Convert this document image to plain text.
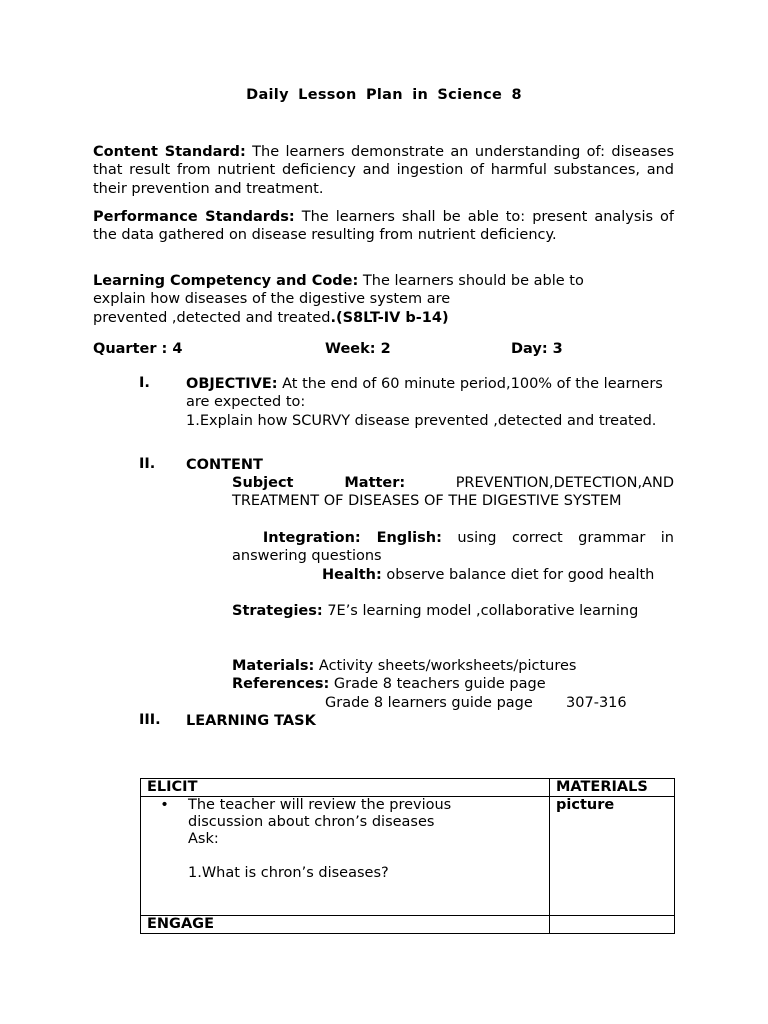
Daily Lesson Plan in Science 8
Content Standard: The learners demonstrate an understanding of: diseases that result from nutrient deficiency and ingestion of harmful substances, and their prevention and treatment.
Performance Standards: The learners shall be able to: present analysis of the data gathered on disease resulting from nutrient deficiency.
Learning Competency and Code: The learners should be able to
explain how diseases of the digestive system are
prevented ,detected and treated.(S8LT-IV b-14)
Quarter : 4	Week: 2	Day: 3
I. OBJECTIVE: At the end of 60 minute period,100% of the learners are expected to:
1.Explain how SCURVY disease prevented ,detected and treated.
II. CONTENT
Subject Matter:	PREVENTION,DETECTION,AND TREATMENT OF DISEASES OF THE DIGESTIVE SYSTEM
Integration: English: using correct grammar in answering questions
Health: observe balance diet for good health
Strategies: 7E’s learning model ,collaborative learning
Materials: Activity sheets/worksheets/pictures
References: Grade 8 teachers guide page
Grade 8 learners guide page 307-316
III. LEARNING TASK
ELICIT	MATERIALS

• The teacher will review the previous
discussion about chron’s diseases
Ask:
1.What is chron’s diseases?	picture
ENGAGE	
